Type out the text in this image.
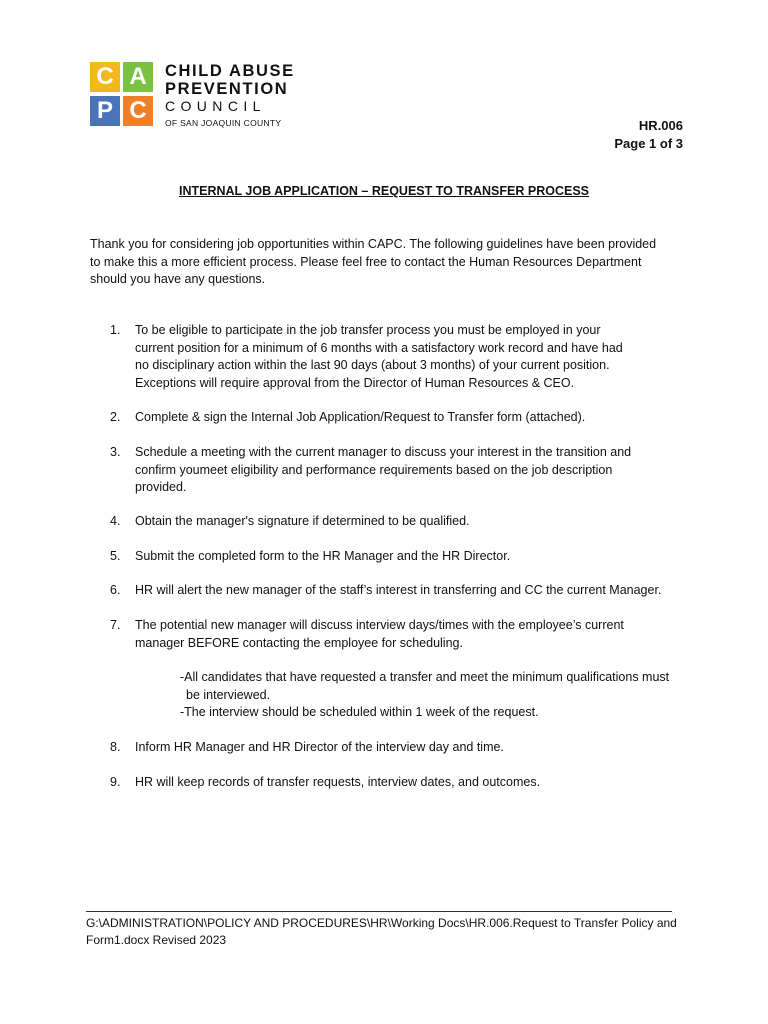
C A
P C
CHILD ABUSE
PREVENTION
COUNCIL
OF SAN JOAQUIN COUNTY	HR.006
Page 1 of 3
INTERNAL JOB APPLICATION – REQUEST TO TRANSFER PROCESS
Thank you for considering job opportunities within CAPC. The following guidelines have been provided
to make this a more efficient process. Please feel free to contact the Human Resources Department
should you have any questions.
1.	To be eligible to participate in the job transfer process you must be employed in your
current position for a minimum of 6 months with a satisfactory work record and have had
no disciplinary action within the last 90 days (about 3 months) of your current position.
Exceptions will require approval from the Director of Human Resources & CEO.
2.	Complete & sign the Internal Job Application/Request to Transfer form (attached).
3.	Schedule a meeting with the current manager to discuss your interest in the transition and
confirm youmeet eligibility and performance requirements based on the job description
provided.
4.	Obtain the manager's signature if determined to be qualified.
5.	Submit the completed form to the HR Manager and the HR Director.
6.	HR will alert the new manager of the staff’s interest in transferring and CC the current Manager.
7.	The potential new manager will discuss interview days/times with the employee’s current
manager BEFORE contacting the employee for scheduling.
-All candidates that have requested a transfer and meet the minimum qualifications must
be interviewed.
-The interview should be scheduled within 1 week of the request.
8.	Inform HR Manager and HR Director of the interview day and time.
9.	HR will keep records of transfer requests, interview dates, and outcomes.
G:\ADMINISTRATION\POLICY AND PROCEDURES\HR\Working Docs\HR.006.Request to Transfer Policy and
Form1.docx Revised 2023
